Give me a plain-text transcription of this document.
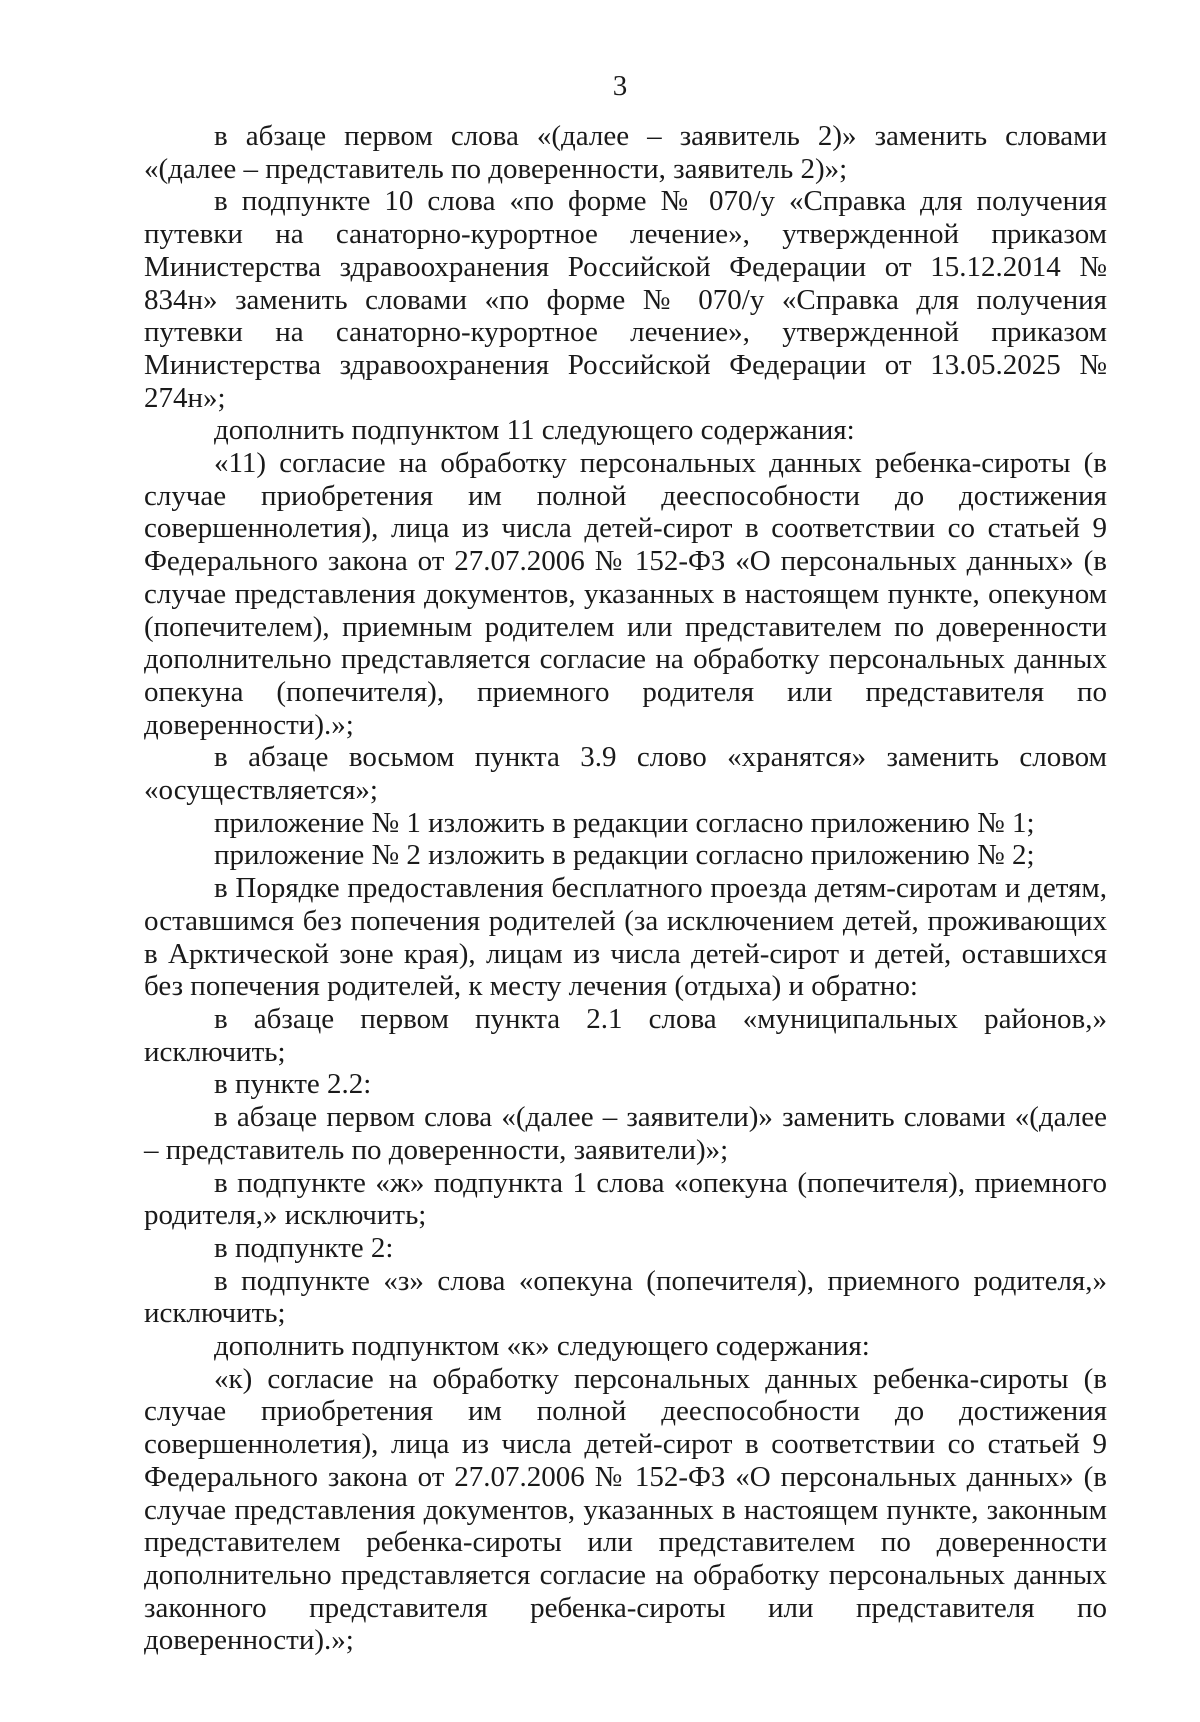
3

в абзаце первом слова «(далее – заявитель 2)» заменить словами «(далее – представитель по доверенности, заявитель 2)»;

в подпункте 10 слова «по форме № 070/у «Справка для получения путевки на санаторно-курортное лечение», утвержденной приказом Министерства здравоохранения Российской Федерации от 15.12.2014 № 834н» заменить словами «по форме № 070/у «Справка для получения путевки на санаторно-курортное лечение», утвержденной приказом Министерства здравоохранения Российской Федерации от 13.05.2025 № 274н»;

дополнить подпунктом 11 следующего содержания:

«11) согласие на обработку персональных данных ребенка-сироты (в случае приобретения им полной дееспособности до достижения совершеннолетия), лица из числа детей-сирот в соответствии со статьей 9 Федерального закона от 27.07.2006 № 152-ФЗ «О персональных данных» (в случае представления документов, указанных в настоящем пункте, опекуном (попечителем), приемным родителем или представителем по доверенности дополнительно представляется согласие на обработку персональных данных опекуна (попечителя), приемного родителя или представителя по доверенности).»;

в абзаце восьмом пункта 3.9 слово «хранятся» заменить словом «осуществляется»;

приложение № 1 изложить в редакции согласно приложению № 1;

приложение № 2 изложить в редакции согласно приложению № 2;

в Порядке предоставления бесплатного проезда детям-сиротам и детям, оставшимся без попечения родителей (за исключением детей, проживающих в Арктической зоне края), лицам из числа детей-сирот и детей, оставшихся без попечения родителей, к месту лечения (отдыха) и обратно:

в абзаце первом пункта 2.1 слова «муниципальных районов,» исключить;

в пункте 2.2:

в абзаце первом слова «(далее – заявители)» заменить словами «(далее – представитель по доверенности, заявители)»;

в подпункте «ж» подпункта 1 слова «опекуна (попечителя), приемного родителя,» исключить;

в подпункте 2:

в подпункте «з» слова «опекуна (попечителя), приемного родителя,» исключить;

дополнить подпунктом «к» следующего содержания:

«к) согласие на обработку персональных данных ребенка-сироты (в случае приобретения им полной дееспособности до достижения совершеннолетия), лица из числа детей-сирот в соответствии со статьей 9 Федерального закона от 27.07.2006 № 152-ФЗ «О персональных данных» (в случае представления документов, указанных в настоящем пункте, законным представителем ребенка-сироты или представителем по доверенности дополнительно представляется согласие на обработку персональных данных законного представителя ребенка-сироты или представителя по доверенности).»;
